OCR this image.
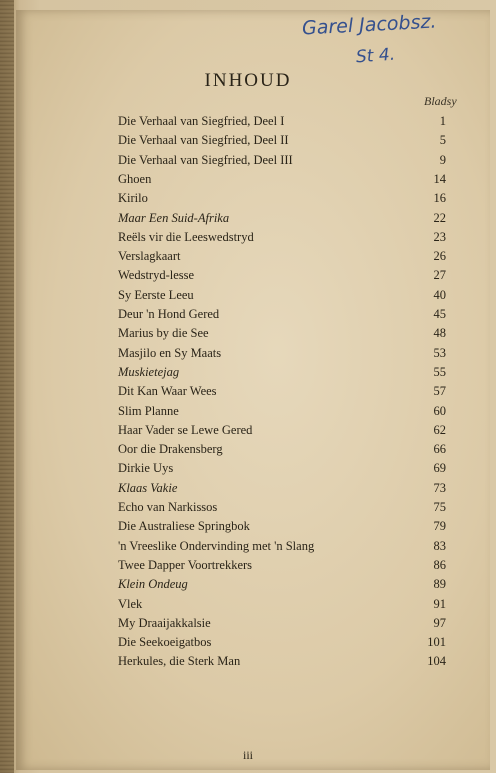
Garel Jacobsz.
St 4.
INHOUD
Bladsy
Die Verhaal van Siegfried, Deel I	1
Die Verhaal van Siegfried, Deel II	5
Die Verhaal van Siegfried, Deel III	9
Ghoen	14
Kirilo	16
Maar Een Suid-Afrika	22
Reëls vir die Leeswedstryd	23
Verslagkaart	26
Wedstryd-lesse	27
Sy Eerste Leeu	40
Deur 'n Hond Gered	45
Marius by die See	48
Masjilo en Sy Maats	53
Muskietejag	55
Dit Kan Waar Wees	57
Slim Planne	60
Haar Vader se Lewe Gered	62
Oor die Drakensberg	66
Dirkie Uys	69
Klaas Vakie	73
Echo van Narkissos	75
Die Australiese Springbok	79
'n Vreeslike Ondervinding met 'n Slang	83
Twee Dapper Voortrekkers	86
Klein Ondeug	89
Vlek	91
My Draaijakkalsie	97
Die Seekoeigatbos	101
Herkules, die Sterk Man	104
iii
